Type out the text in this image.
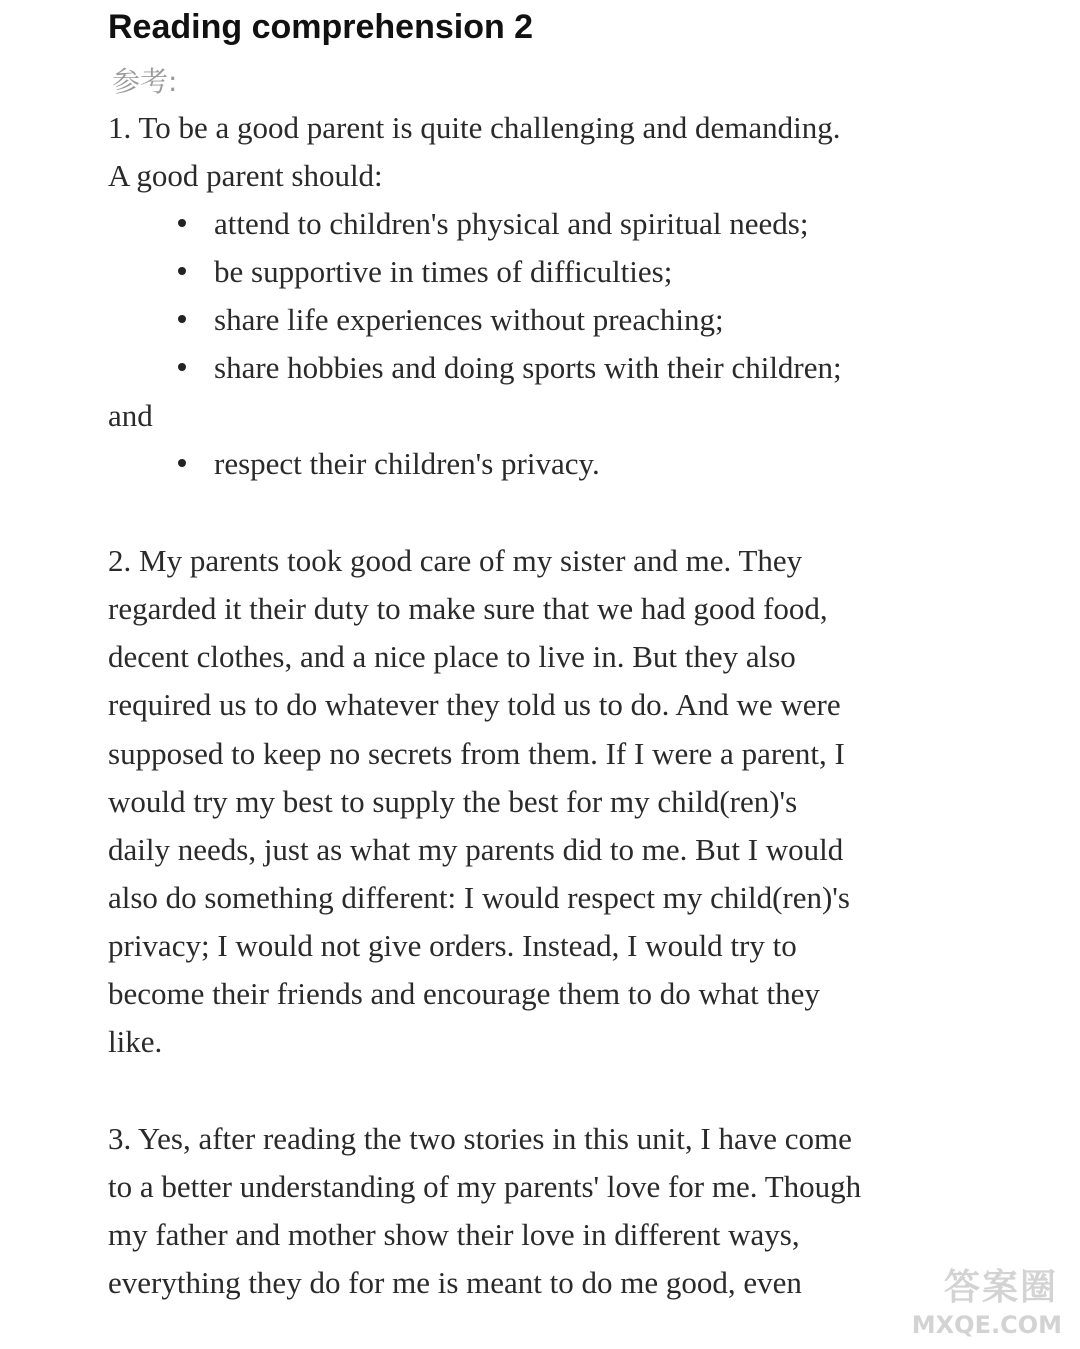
Reading comprehension 2
参考:
1. To be a good parent is quite challenging and demanding.
A good parent should:
attend to children's physical and spiritual needs;
be supportive in times of difficulties;
share life experiences without preaching;
share hobbies and doing sports with their children;
and
respect their children's privacy.
2. My parents took good care of my sister and me. They
regarded it their duty to make sure that we had good food,
decent clothes, and a nice place to live in. But they also
required us to do whatever they told us to do. And we were
supposed to keep no secrets from them. If I were a parent, I
would try my best to supply the best for my child(ren)'s
daily needs, just as what my parents did to me. But I would
also do something different: I would respect my child(ren)'s
privacy; I would not give orders. Instead, I would try to
become their friends and encourage them to do what they
like.
3. Yes, after reading the two stories in this unit, I have come
to a better understanding of my parents' love for me. Though
my father and mother show their love in different ways,
everything they do for me is meant to do me good, even	答案圈
MXQE.COM
